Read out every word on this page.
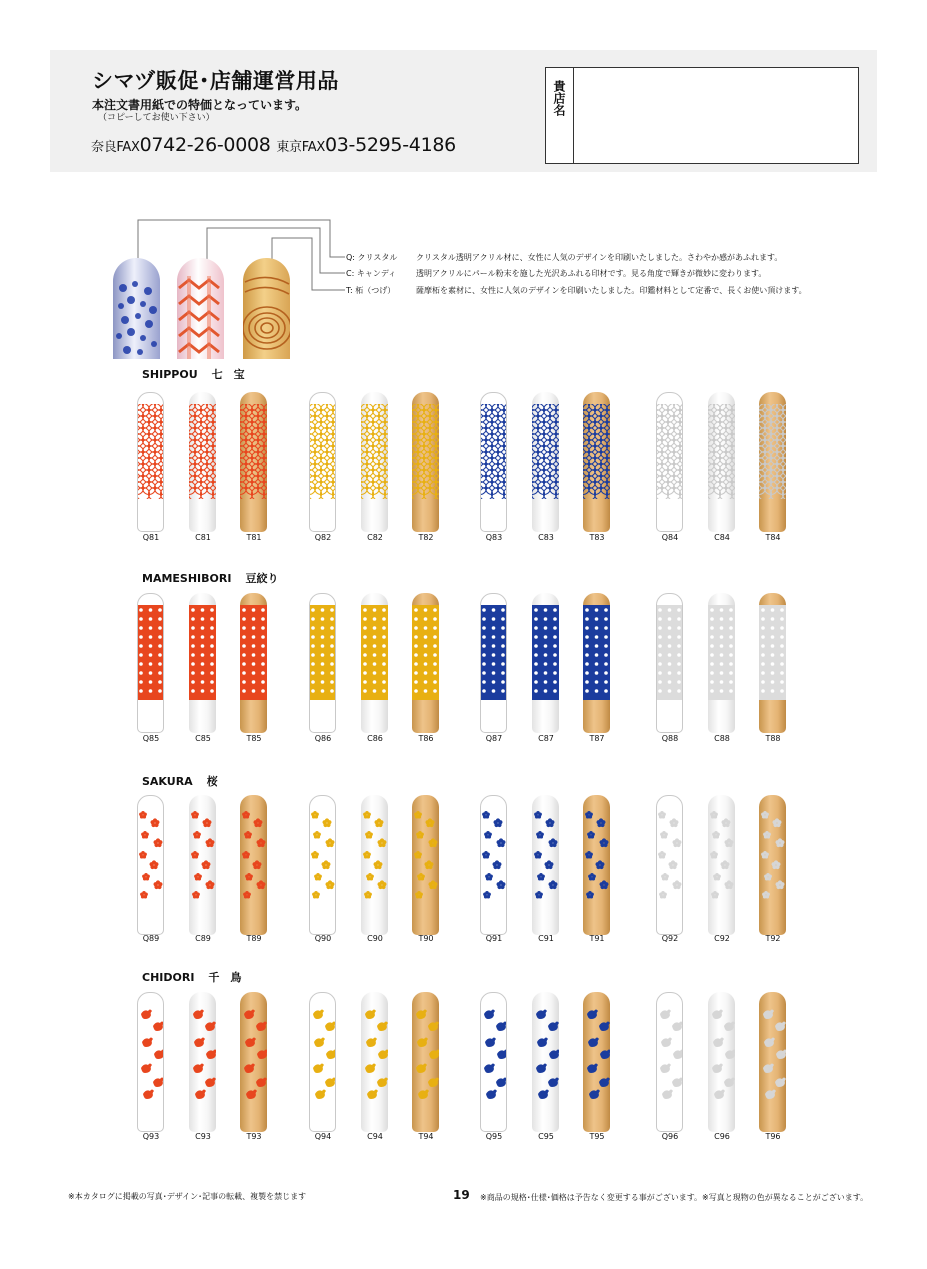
シマヅ販促･店舗運営用品
本注文書用紙での特価となっています。
（コピーしてお使い下さい）
奈良FAX0742-26-0008 東京FAX03-5295-4186
貴店名
Q: クリスタル クリスタル透明アクリル材に、女性に人気のデザインを印刷いたしました。さわやか感があふれます。
C: キャンディ 透明アクリルにパール粉末を施した光沢あふれる印材です。見る角度で輝きが微妙に変わります。
T: 柘（つげ）	薩摩柘を素材に、女性に人気のデザインを印刷いたしました。印鑑材料として定番で、長くお使い頂けます。
SHIPPOU 七　宝
Q81	C81	T81	Q82	C82	T82	Q83	C83	T83	Q84	C84	T84
MAMESHIBORI 豆絞り
Q85	C85	T85	Q86	C86	T86	Q87	C87	T87	Q88	C88	T88
SAKURA 桜
Q89	C89	T89	Q90	C90	T90	Q91	C91	T91	Q92	C92	T92
CHIDORI 千　鳥
Q93	C93	T93	Q94	C94	T94	Q95	C95	T95	Q96	C96	T96
※本カタログに掲載の写真･デザイン･記事の転載、複製を禁じます	19 ※商品の規格･仕様･価格は予告なく変更する事がございます。※写真と現物の色が異なることがございます。
